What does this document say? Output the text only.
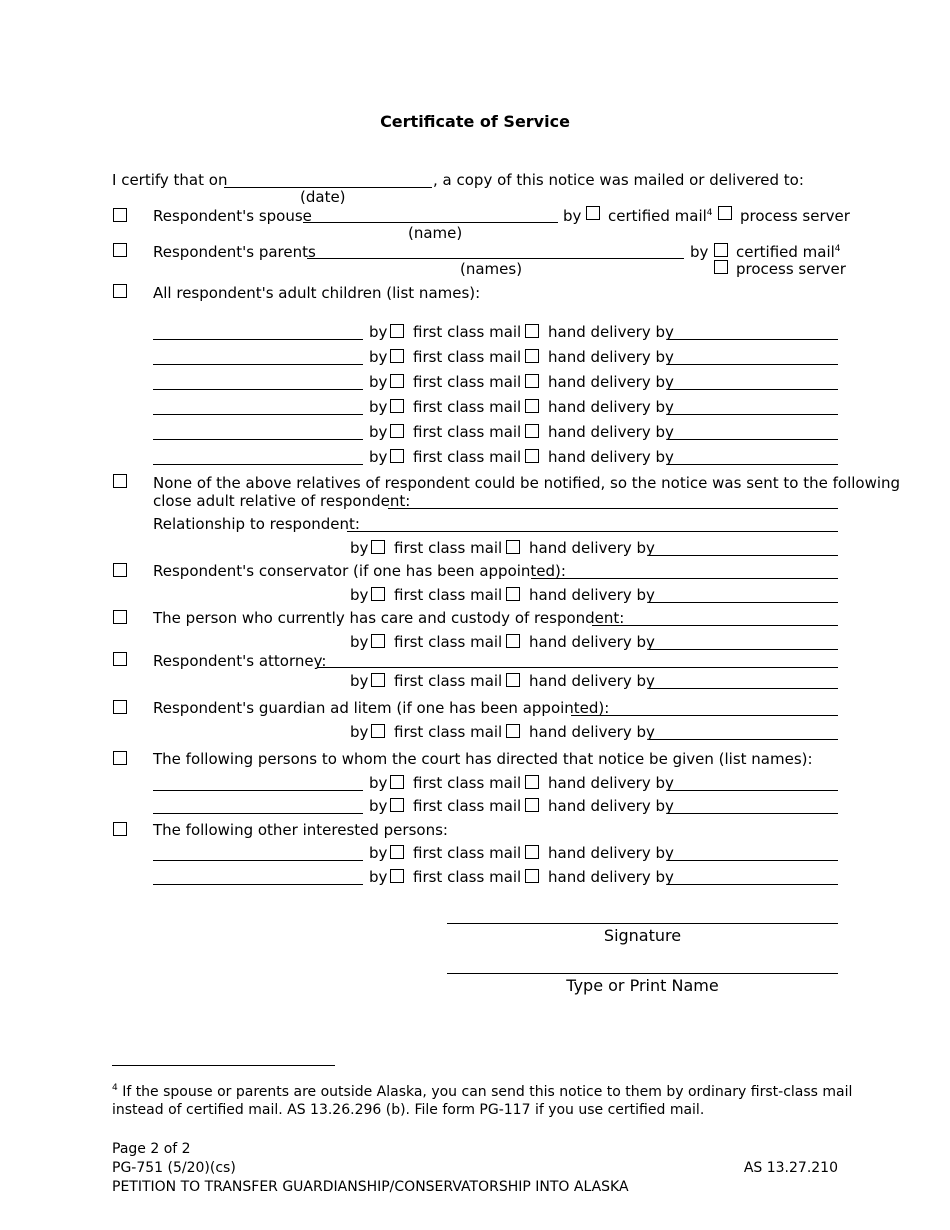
Certificate of Service
I certify that on	, a copy of this notice was mailed or delivered to:
(date)
Respondent's spouse
(name)
by certified mail$^4$ process server
Respondent's parents
(names)
by certified mail$^4$
process server
All respondent's adult children (list names):
by first class mail hand delivery by
by first class mail hand delivery by
by first class mail hand delivery by
by first class mail hand delivery by
by first class mail hand delivery by
by first class mail hand delivery by
by first class mail hand delivery by
by first class mail hand delivery by
by first class mail hand delivery by
by first class mail hand delivery by
by first class mail hand delivery by
by first class mail hand delivery by
by first class mail hand delivery by
by first class mail hand delivery by
by first class mail hand delivery by
None of the above relatives of respondent could be notified, so the notice was sent to the following
close adult relative of respondent:
Relationship to respondent:
Respondent's conservator (if one has been appointed):
The person who currently has care and custody of respondent:
Respondent's attorney:
Respondent's guardian ad litem (if one has been appointed):
The following persons to whom the court has directed that notice be given (list names):
The following other interested persons:
Signature
Type or Print Name
$^4$ If the spouse or parents are outside Alaska, you can send this notice to them by ordinary first-class mail
instead of certified mail. AS 13.26.296 (b). File form PG-117 if you use certified mail.
Page 2 of 2
PG-751 (5/20)(cs)	AS 13.27.210
PETITION TO TRANSFER GUARDIANSHIP/CONSERVATORSHIP INTO ALASKA
